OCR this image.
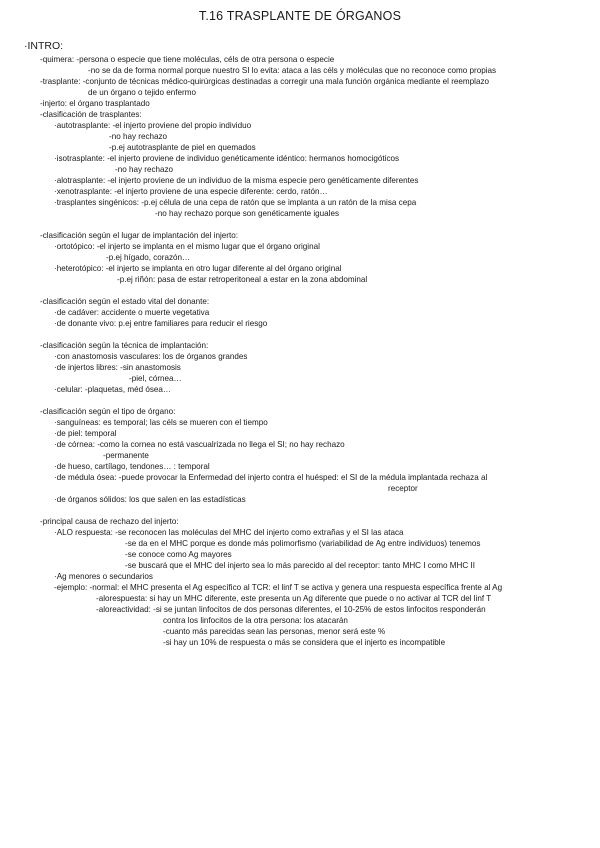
T.16 TRASPLANTE DE ÓRGANOS
·INTRO:
-quimera: -persona o especie que tiene moléculas, céls de otra persona o especie
-no se da de forma normal porque nuestro SI lo evita: ataca a las céls y moléculas que no reconoce como propias
-trasplante: -conjunto de técnicas médico-quirúrgicas destinadas a corregir una mala función orgánica mediante el reemplazo
de un órgano o tejido enfermo
-injerto: el órgano trasplantado
-clasificación de trasplantes:
·autotrasplante: -el injerto proviene del propio individuo
-no hay rechazo
-p.ej autotrasplante de piel en quemados
·isotrasplante: -el injerto proviene de individuo genéticamente idéntico: hermanos homocigóticos
-no hay rechazo
·alotrasplante: -el injerto proviene de un individuo de la misma especie pero genéticamente diferentes
·xenotrasplante: -el injerto proviene de una especie diferente: cerdo, ratón…
·trasplantes singénicos: -p.ej célula de una cepa de ratón que se implanta a un ratón de la misa cepa
-no hay rechazo porque son genéticamente iguales
-clasificación según el lugar de implantación del injerto:
·ortotópico: -el injerto se implanta en el mismo lugar que el órgano original
-p.ej hígado, corazón…
·heterotópico: -el injerto se implanta en otro lugar diferente al del órgano original
-p.ej riñón: pasa de estar retroperitoneal a estar en la zona abdominal
-clasificación según el estado vital del donante:
·de cadáver: accidente o muerte vegetativa
·de donante vivo: p.ej entre familiares para reducir el riesgo
-clasificación según la técnica de implantación:
·con anastomosis vasculares: los de órganos grandes
·de injertos libres: -sin anastomosis
-piel, córnea…
·celular: -plaquetas, méd ósea…
-clasificación según el tipo de órgano:
·sanguíneas: es temporal; las céls se mueren con el tiempo
·de piel: temporal
·de córnea: -como la cornea no está vascualrizada no llega el SI; no hay rechazo
-permanente
·de hueso, cartílago, tendones… : temporal
·de médula ósea: -puede provocar la Enfermedad del injerto contra el huésped: el SI de la médula implantada rechaza al
receptor
·de órganos sólidos: los que salen en las estadísticas
-principal causa de rechazo del injerto:
·ALO respuesta: -se reconocen las moléculas del MHC del injerto como extrañas y el SI las ataca
-se da en el MHC porque es donde más polimorfismo (variabilidad de Ag entre individuos) tenemos
-se conoce como Ag mayores
-se buscará que el MHC del injerto sea lo más parecido al del receptor: tanto MHC I como MHC II
·Ag menores o secundarios
-ejemplo: -normal: el MHC presenta el Ag específico al TCR: el linf T se activa y genera una respuesta específica frente al Ag
-alorespuesta: si hay un MHC diferente, este presenta un Ag diferente que puede o no activar al TCR del linf T
-aloreactividad: -si se juntan linfocitos de dos personas diferentes, el 10-25% de estos linfocitos responderán
contra los linfocitos de la otra persona: los atacarán
-cuanto más parecidas sean las personas, menor será este %
-si hay un 10% de respuesta o más se considera que el injerto es incompatible
